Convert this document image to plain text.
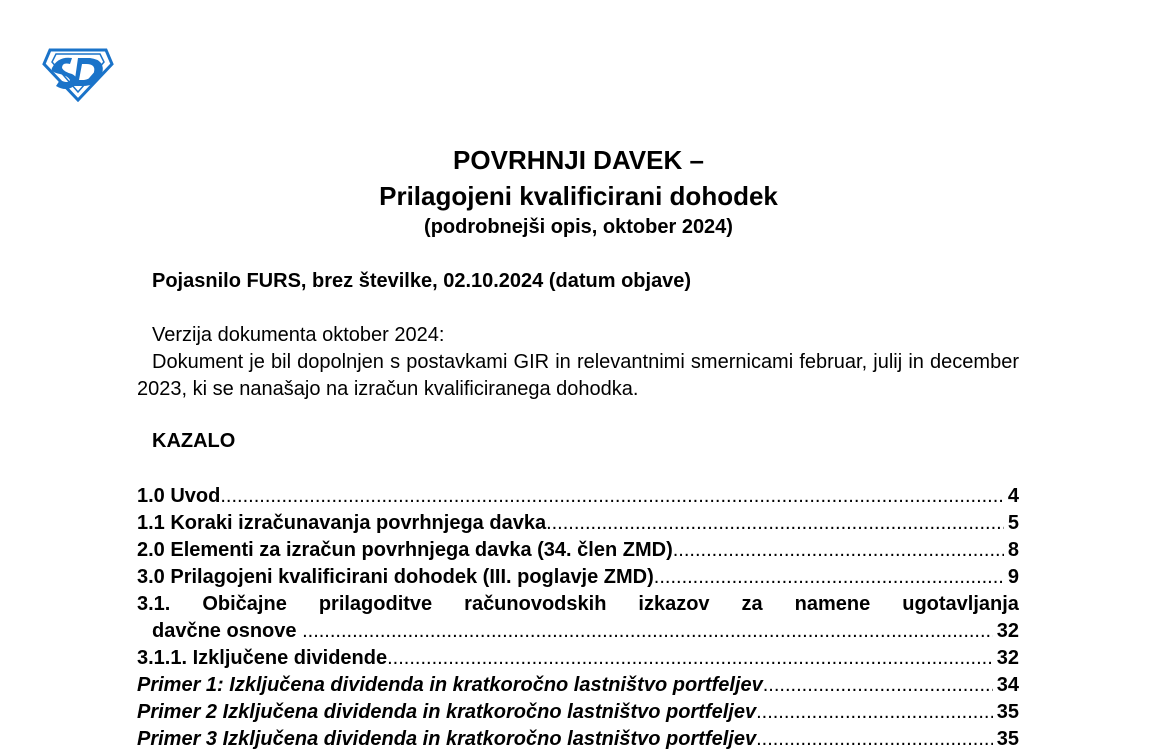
POVRHNJI DAVEK –
Prilagojeni kvalificirani dohodek
(podrobnejši opis, oktober 2024)
Pojasnilo FURS, brez številke, 02.10.2024 (datum objave)
Verzija dokumenta oktober 2024:
Dokument je bil dopolnjen s postavkami GIR in relevantnimi smernicami februar, julij in december 2023, ki se nanašajo na izračun kvalificiranega dohodka.
KAZALO
1.0 Uvod .....	4
1.1 Koraki izračunavanja povrhnjega davka .....	5
2.0 Elementi za izračun povrhnjega davka (34. člen ZMD) .....	8
3.0 Prilagojeni kvalificirani dohodek (III. poglavje ZMD) .....	9
3.1. Običajne prilagoditve računovodskih izkazov za namene ugotavljanja
davčne osnove
.....	32
3.1.1. Izključene dividende .....	32
Primer 1: Izključena dividenda in kratkoročno lastništvo portfeljev .....	34
Primer 2 Izključena dividenda in kratkoročno lastništvo portfeljev .....	35
Primer 3 Izključena dividenda in kratkoročno lastništvo portfeljev .....	35
